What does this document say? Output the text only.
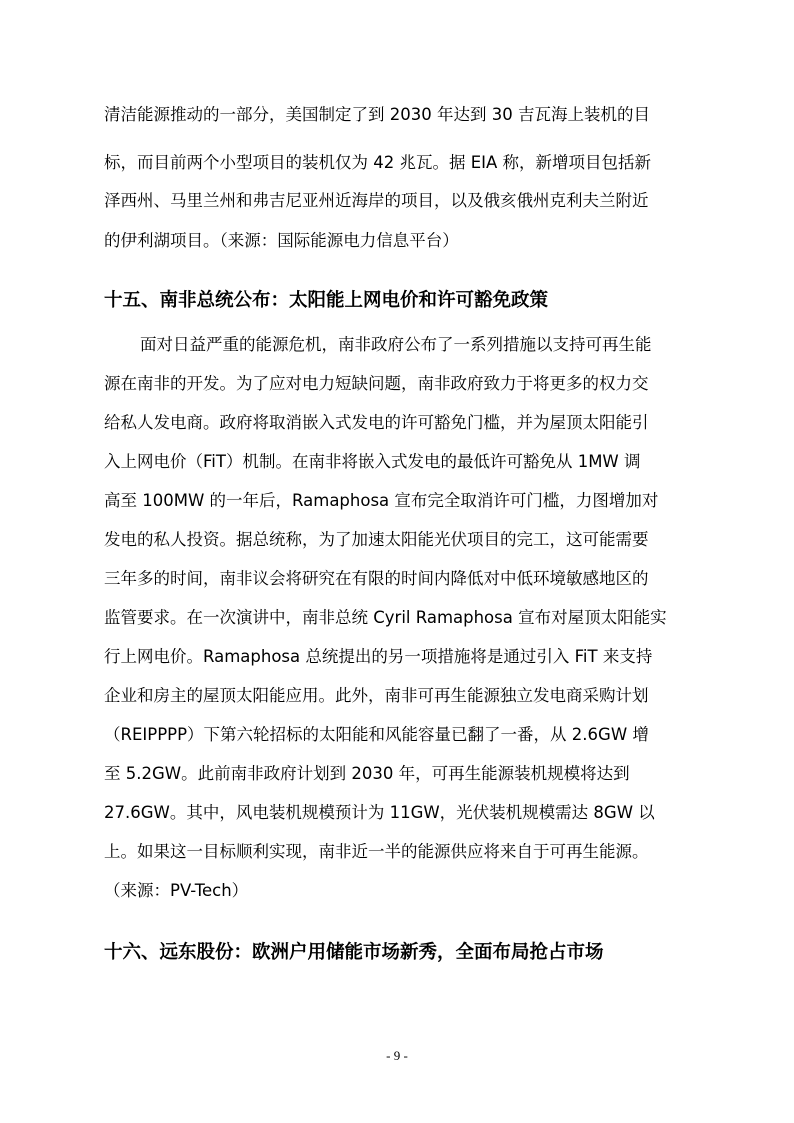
清洁能源推动的一部分，美国制定了到 2030 年达到 30 吉瓦海上装机的目
标，而目前两个小型项目的装机仅为 42 兆瓦。据 EIA 称，新增项目包括新
泽西州、马里兰州和弗吉尼亚州近海岸的项目，以及俄亥俄州克利夫兰附近
的伊利湖项目。（来源：国际能源电力信息平台）
十五、南非总统公布：太阳能上网电价和许可豁免政策
面对日益严重的能源危机，南非政府公布了一系列措施以支持可再生能
源在南非的开发。为了应对电力短缺问题，南非政府致力于将更多的权力交
给私人发电商。政府将取消嵌入式发电的许可豁免门槛，并为屋顶太阳能引
入上网电价（FiT）机制。在南非将嵌入式发电的最低许可豁免从 1MW 调
高至 100MW 的一年后，Ramaphosa 宣布完全取消许可门槛，力图增加对
发电的私人投资。据总统称，为了加速太阳能光伏项目的完工，这可能需要
三年多的时间，南非议会将研究在有限的时间内降低对中低环境敏感地区的
监管要求。在一次演讲中，南非总统 Cyril Ramaphosa 宣布对屋顶太阳能实
行上网电价。Ramaphosa 总统提出的另一项措施将是通过引入 FiT 来支持
企业和房主的屋顶太阳能应用。此外，南非可再生能源独立发电商采购计划
（REIPPPP）下第六轮招标的太阳能和风能容量已翻了一番，从 2.6GW 增
至 5.2GW。此前南非政府计划到 2030 年，可再生能源装机规模将达到
27.6GW。其中，风电装机规模预计为 11GW，光伏装机规模需达 8GW 以
上。如果这一目标顺利实现，南非近一半的能源供应将来自于可再生能源。
（来源：PV-Tech）
十六、远东股份：欧洲户用储能市场新秀，全面布局抢占市场
- 9 -
